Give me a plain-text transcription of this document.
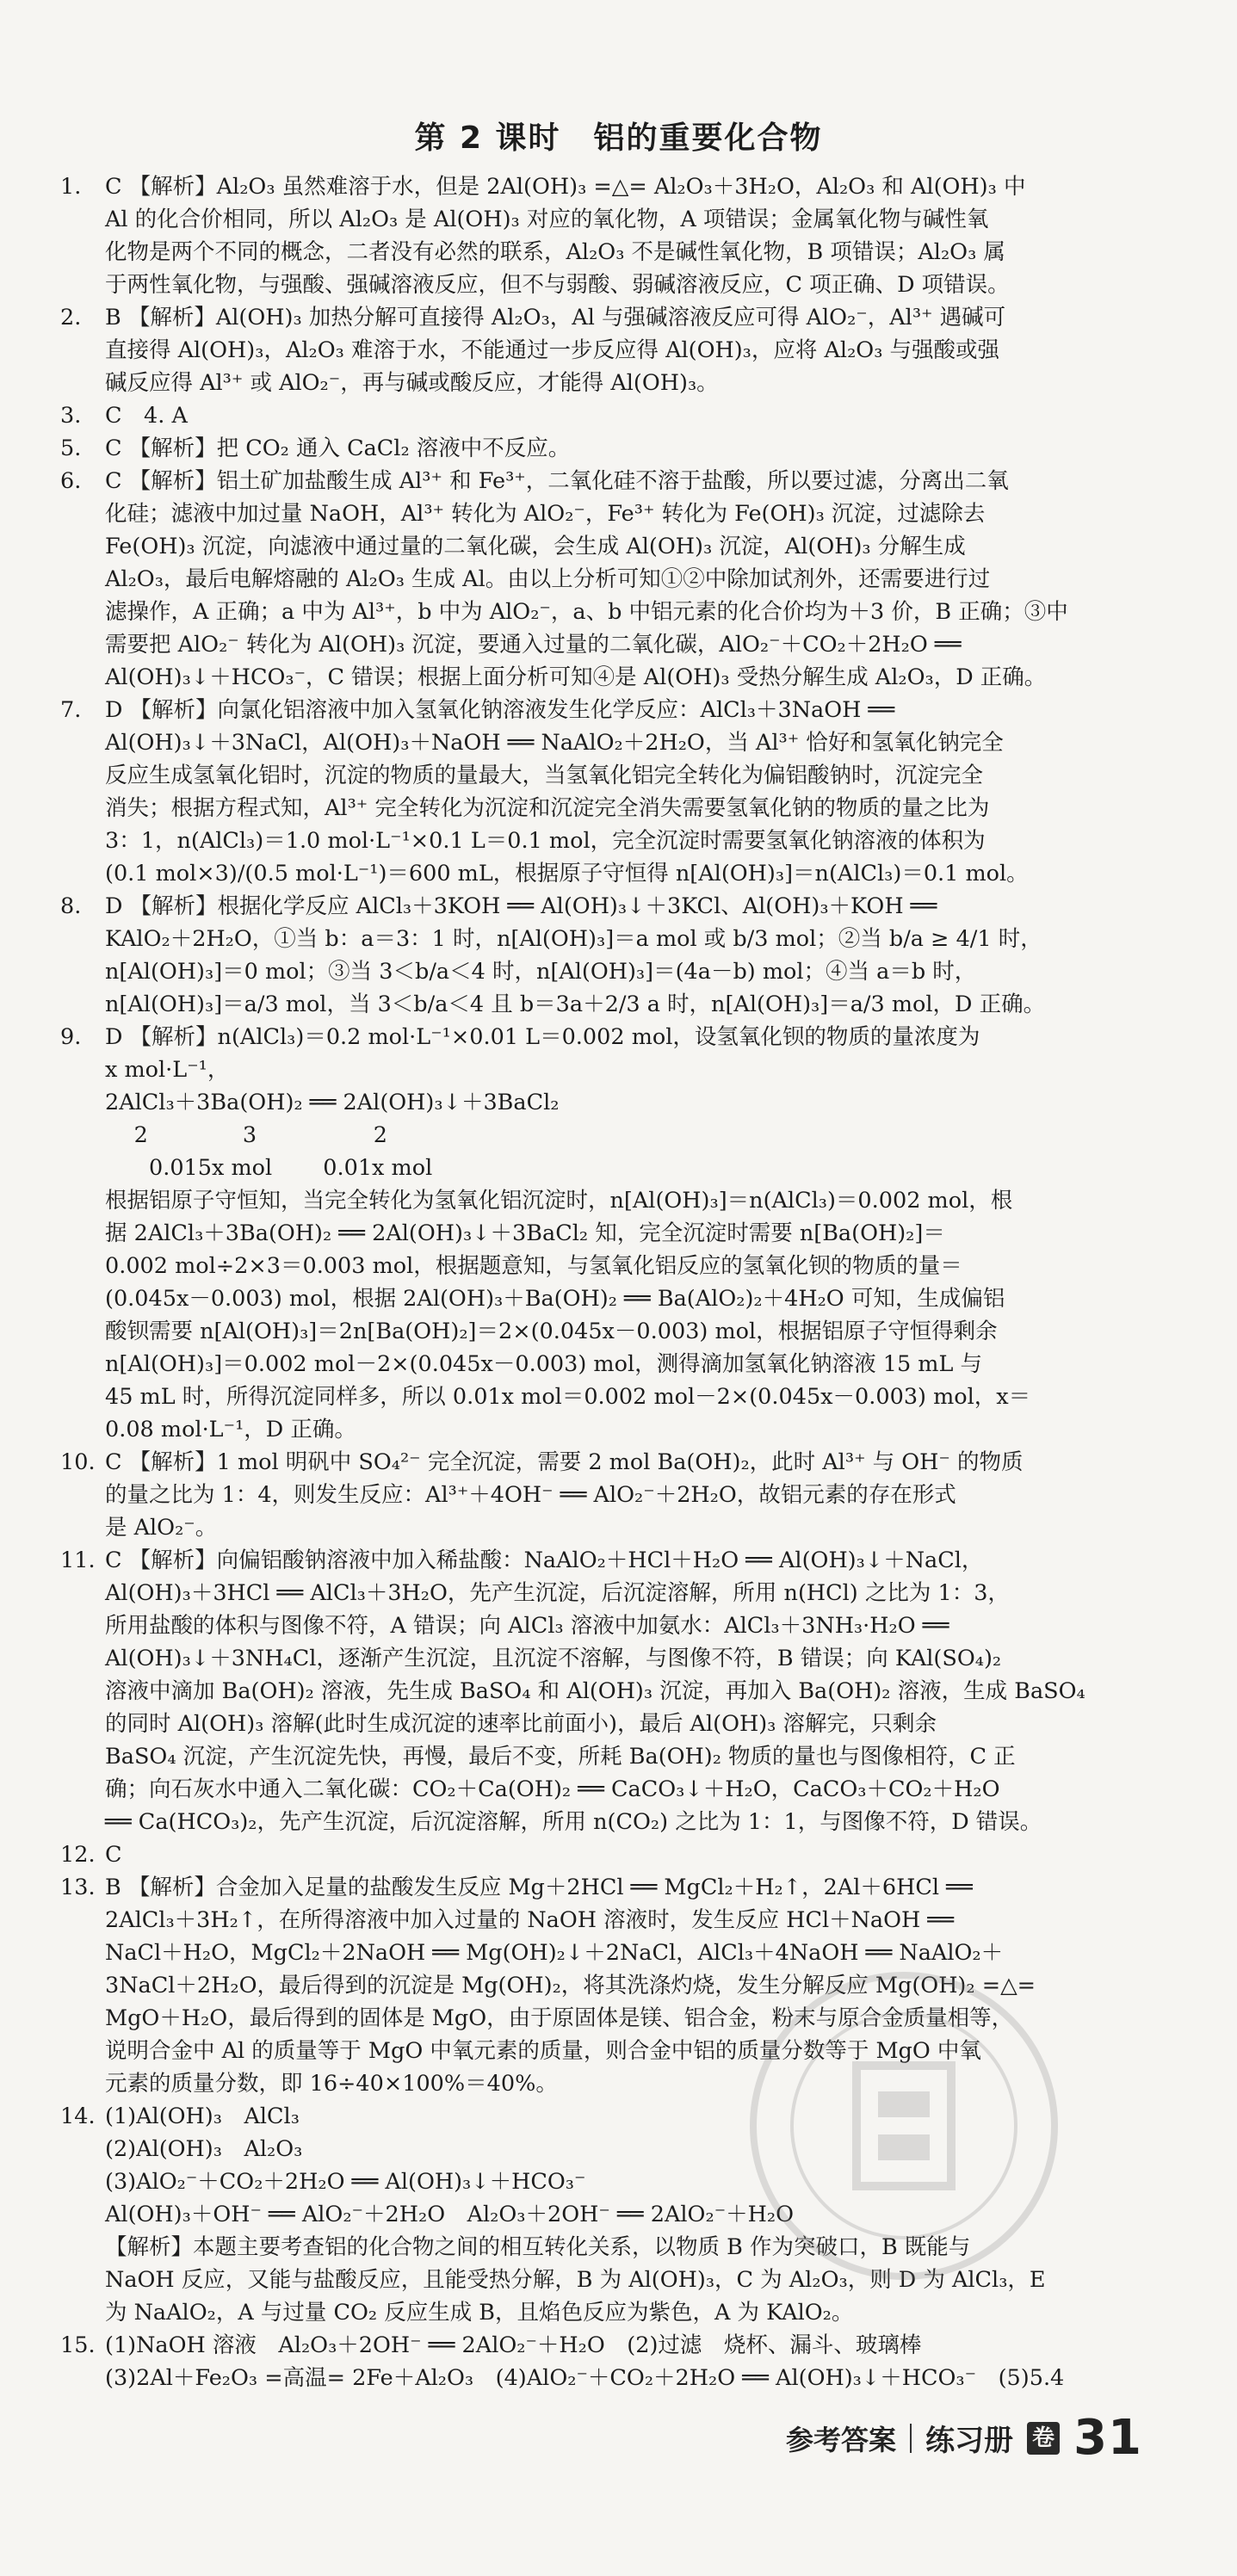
第 2 课时　铝的重要化合物
1.	C 【解析】Al₂O₃ 虽然难溶于水，但是 2Al(OH)₃ =△= Al₂O₃＋3H₂O，Al₂O₃ 和 Al(OH)₃ 中

Al 的化合价相同，所以 Al₂O₃ 是 Al(OH)₃ 对应的氧化物，A 项错误；金属氧化物与碱性氧

化物是两个不同的概念，二者没有必然的联系，Al₂O₃ 不是碱性氧化物，B 项错误；Al₂O₃ 属

于两性氧化物，与强酸、强碱溶液反应，但不与弱酸、弱碱溶液反应，C 项正确、D 项错误。

2.	B 【解析】Al(OH)₃ 加热分解可直接得 Al₂O₃，Al 与强碱溶液反应可得 AlO₂⁻，Al³⁺ 遇碱可

直接得 Al(OH)₃，Al₂O₃ 难溶于水，不能通过一步反应得 Al(OH)₃，应将 Al₂O₃ 与强酸或强

碱反应得 Al³⁺ 或 AlO₂⁻，再与碱或酸反应，才能得 Al(OH)₃。

3.	C　4. A

5.	C 【解析】把 CO₂ 通入 CaCl₂ 溶液中不反应。

6.	C 【解析】铝土矿加盐酸生成 Al³⁺ 和 Fe³⁺，二氧化硅不溶于盐酸，所以要过滤，分离出二氧

化硅；滤液中加过量 NaOH，Al³⁺ 转化为 AlO₂⁻，Fe³⁺ 转化为 Fe(OH)₃ 沉淀，过滤除去

Fe(OH)₃ 沉淀，向滤液中通过量的二氧化碳，会生成 Al(OH)₃ 沉淀，Al(OH)₃ 分解生成

Al₂O₃，最后电解熔融的 Al₂O₃ 生成 Al。由以上分析可知①②中除加试剂外，还需要进行过

滤操作，A 正确；a 中为 Al³⁺，b 中为 AlO₂⁻，a、b 中铝元素的化合价均为＋3 价，B 正确；③中

需要把 AlO₂⁻ 转化为 Al(OH)₃ 沉淀，要通入过量的二氧化碳，AlO₂⁻＋CO₂＋2H₂O ══

Al(OH)₃↓＋HCO₃⁻，C 错误；根据上面分析可知④是 Al(OH)₃ 受热分解生成 Al₂O₃，D 正确。

7.	D 【解析】向氯化铝溶液中加入氢氧化钠溶液发生化学反应：AlCl₃＋3NaOH ══

Al(OH)₃↓＋3NaCl，Al(OH)₃＋NaOH ══ NaAlO₂＋2H₂O，当 Al³⁺ 恰好和氢氧化钠完全

反应生成氢氧化铝时，沉淀的物质的量最大，当氢氧化铝完全转化为偏铝酸钠时，沉淀完全

消失；根据方程式知，Al³⁺ 完全转化为沉淀和沉淀完全消失需要氢氧化钠的物质的量之比为

3：1，n(AlCl₃)＝1.0 mol·L⁻¹×0.1 L＝0.1 mol，完全沉淀时需要氢氧化钠溶液的体积为

(0.1 mol×3)/(0.5 mol·L⁻¹)＝600 mL，根据原子守恒得 n[Al(OH)₃]＝n(AlCl₃)＝0.1 mol。

8.	D 【解析】根据化学反应 AlCl₃＋3KOH ══ Al(OH)₃↓＋3KCl、Al(OH)₃＋KOH ══

KAlO₂＋2H₂O，①当 b：a＝3：1 时，n[Al(OH)₃]＝a mol 或 b/3 mol；②当 b/a ≥ 4/1 时，

n[Al(OH)₃]＝0 mol；③当 3＜b/a＜4 时，n[Al(OH)₃]＝(4a－b) mol；④当 a＝b 时，

n[Al(OH)₃]＝a/3 mol，当 3＜b/a＜4 且 b＝3a＋2/3 a 时，n[Al(OH)₃]＝a/3 mol，D 正确。

9.	D 【解析】n(AlCl₃)＝0.2 mol·L⁻¹×0.01 L＝0.002 mol，设氢氧化钡的物质的量浓度为

x mol·L⁻¹，

2AlCl₃＋3Ba(OH)₂ ══ 2Al(OH)₃↓＋3BaCl₂

　 2　　　　 3　　　　　 2

　　0.015x mol　　 0.01x mol

根据铝原子守恒知，当完全转化为氢氧化铝沉淀时，n[Al(OH)₃]＝n(AlCl₃)＝0.002 mol，根

据 2AlCl₃＋3Ba(OH)₂ ══ 2Al(OH)₃↓＋3BaCl₂ 知，完全沉淀时需要 n[Ba(OH)₂]＝

0.002 mol÷2×3＝0.003 mol，根据题意知，与氢氧化铝反应的氢氧化钡的物质的量＝

(0.045x－0.003) mol，根据 2Al(OH)₃＋Ba(OH)₂ ══ Ba(AlO₂)₂＋4H₂O 可知，生成偏铝

酸钡需要 n[Al(OH)₃]＝2n[Ba(OH)₂]＝2×(0.045x－0.003) mol，根据铝原子守恒得剩余

n[Al(OH)₃]＝0.002 mol－2×(0.045x－0.003) mol，测得滴加氢氧化钠溶液 15 mL 与

45 mL 时，所得沉淀同样多，所以 0.01x mol＝0.002 mol－2×(0.045x－0.003) mol，x＝

0.08 mol·L⁻¹，D 正确。

10. C 【解析】1 mol 明矾中 SO₄²⁻ 完全沉淀，需要 2 mol Ba(OH)₂，此时 Al³⁺ 与 OH⁻ 的物质

的量之比为 1：4，则发生反应：Al³⁺＋4OH⁻ ══ AlO₂⁻＋2H₂O，故铝元素的存在形式

是 AlO₂⁻。

11. C 【解析】向偏铝酸钠溶液中加入稀盐酸：NaAlO₂＋HCl＋H₂O ══ Al(OH)₃↓＋NaCl，

Al(OH)₃＋3HCl ══ AlCl₃＋3H₂O，先产生沉淀，后沉淀溶解，所用 n(HCl) 之比为 1：3，

所用盐酸的体积与图像不符，A 错误；向 AlCl₃ 溶液中加氨水：AlCl₃＋3NH₃·H₂O ══

Al(OH)₃↓＋3NH₄Cl，逐渐产生沉淀，且沉淀不溶解，与图像不符，B 错误；向 KAl(SO₄)₂

溶液中滴加 Ba(OH)₂ 溶液，先生成 BaSO₄ 和 Al(OH)₃ 沉淀，再加入 Ba(OH)₂ 溶液，生成 BaSO₄

的同时 Al(OH)₃ 溶解(此时生成沉淀的速率比前面小)，最后 Al(OH)₃ 溶解完，只剩余

BaSO₄ 沉淀，产生沉淀先快，再慢，最后不变，所耗 Ba(OH)₂ 物质的量也与图像相符，C 正

确；向石灰水中通入二氧化碳：CO₂＋Ca(OH)₂ ══ CaCO₃↓＋H₂O，CaCO₃＋CO₂＋H₂O

══ Ca(HCO₃)₂，先产生沉淀，后沉淀溶解，所用 n(CO₂) 之比为 1：1，与图像不符，D 错误。

12. C

13. B 【解析】合金加入足量的盐酸发生反应 Mg＋2HCl ══ MgCl₂＋H₂↑，2Al＋6HCl ══

2AlCl₃＋3H₂↑，在所得溶液中加入过量的 NaOH 溶液时，发生反应 HCl＋NaOH ══

NaCl＋H₂O，MgCl₂＋2NaOH ══ Mg(OH)₂↓＋2NaCl，AlCl₃＋4NaOH ══ NaAlO₂＋

3NaCl＋2H₂O，最后得到的沉淀是 Mg(OH)₂，将其洗涤灼烧，发生分解反应 Mg(OH)₂ =△=

MgO＋H₂O，最后得到的固体是 MgO，由于原固体是镁、铝合金，粉末与原合金质量相等，

说明合金中 Al 的质量等于 MgO 中氧元素的质量，则合金中铝的质量分数等于 MgO 中氧

元素的质量分数，即 16÷40×100%＝40%。

14. (1)Al(OH)₃　AlCl₃

(2)Al(OH)₃　Al₂O₃

(3)AlO₂⁻＋CO₂＋2H₂O ══ Al(OH)₃↓＋HCO₃⁻

Al(OH)₃＋OH⁻ ══ AlO₂⁻＋2H₂O　Al₂O₃＋2OH⁻ ══ 2AlO₂⁻＋H₂O

【解析】本题主要考查铝的化合物之间的相互转化关系，以物质 B 作为突破口，B 既能与

NaOH 反应，又能与盐酸反应，且能受热分解，B 为 Al(OH)₃，C 为 Al₂O₃，则 D 为 AlCl₃，E

为 NaAlO₂，A 与过量 CO₂ 反应生成 B，且焰色反应为紫色，A 为 KAlO₂。

15. (1)NaOH 溶液　Al₂O₃＋2OH⁻ ══ 2AlO₂⁻＋H₂O　(2)过滤　烧杯、漏斗、玻璃棒

(3)2Al＋Fe₂O₃ =高温= 2Fe＋Al₂O₃　(4)AlO₂⁻＋CO₂＋2H₂O ══ Al(OH)₃↓＋HCO₃⁻　(5)5.4

参考答案 练习册 卷 31
